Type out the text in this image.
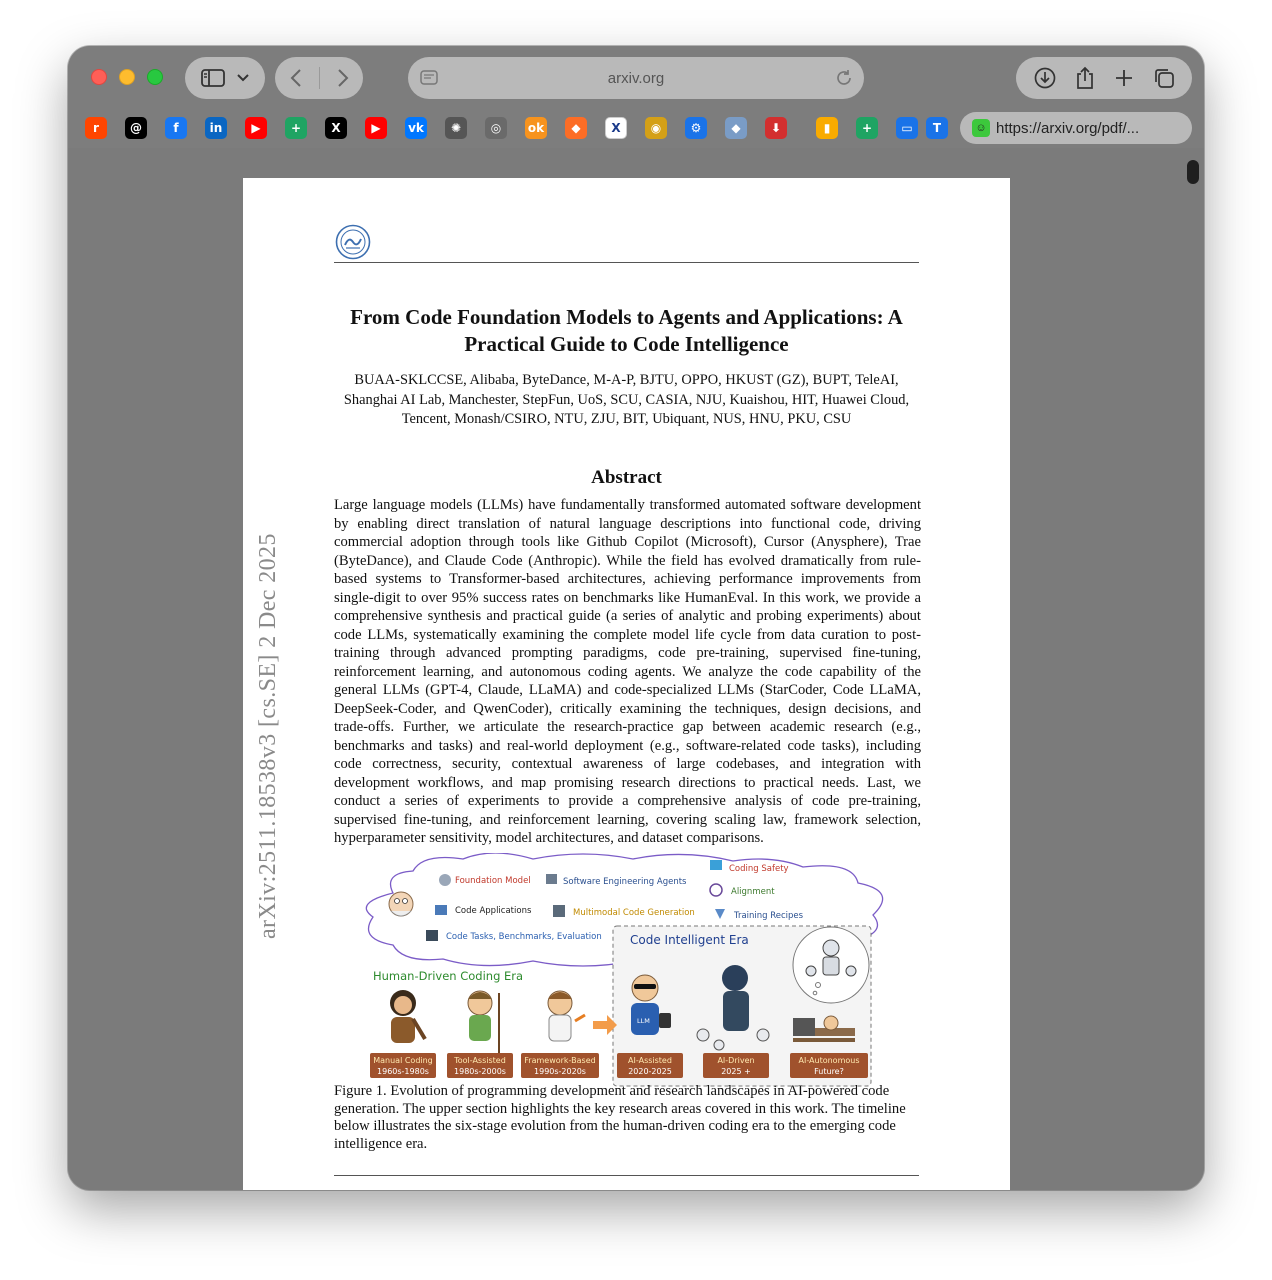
arxiv.org
☺ https://arxiv.org/pdf/...
r	@	f	in	▶	+	X	▶	vk	✺	◎	ok	◆	X	◉	⚙	◆	⬇	▮	+	▭	T
From Code Foundation Models to Agents and Applications: A Practical Guide to Code Intelligence
BUAA-SKLCCSE, Alibaba, ByteDance, M-A-P, BJTU, OPPO, HKUST (GZ), BUPT, TeleAI, Shanghai AI Lab, Manchester, StepFun, UoS, SCU, CASIA, NJU, Kuaishou, HIT, Huawei Cloud, Tencent, Monash/CSIRO, NTU, ZJU, BIT, Ubiquant, NUS, HNU, PKU, CSU
Abstract
Large language models (LLMs) have fundamentally transformed automated software development by enabling direct translation of natural language descriptions into functional code, driving commercial adoption through tools like Github Copilot (Microsoft), Cursor (Anysphere), Trae (ByteDance), and Claude Code (Anthropic). While the field has evolved dramatically from rule-based systems to Transformer-based architectures, achieving performance improvements from single-digit to over 95% success rates on benchmarks like HumanEval. In this work, we provide a comprehensive synthesis and practical guide (a series of analytic and probing experiments) about code LLMs, systematically examining the complete model life cycle from data curation to post-training through advanced prompting paradigms, code pre-training, supervised fine-tuning, reinforcement learning, and autonomous coding agents. We analyze the code capability of the general LLMs (GPT-4, Claude, LLaMA) and code-specialized LLMs (StarCoder, Code LLaMA, DeepSeek-Coder, and QwenCoder), critically examining the techniques, design decisions, and trade-offs. Further, we articulate the research-practice gap between academic research (e.g., benchmarks and tasks) and real-world deployment (e.g., software-related code tasks), including code correctness, security, contextual awareness of large codebases, and integration with development workflows, and map promising research directions to practical needs. Last, we conduct a series of experiments to provide a comprehensive analysis of code pre-training, supervised fine-tuning, and reinforcement learning, covering scaling law, framework selection, hyperparameter sensitivity, model architectures, and dataset comparisons.
arXiv:2511.18538v3 [cs.SE] 2 Dec 2025	Foundation Model	Software Engineering Agents
Coding Safety
Alignment
Code Applications	Multimodal Code Generation	Training Recipes
Code Tasks, Benchmarks, Evaluation Code Intelligent Era
Human-Driven Coding Era
LLM
Manual Coding
1960s-1980s
Tool-Assisted
1980s-2000s
Framework-Based
1990s-2020s
AI-Assisted
2020-2025
AI-Driven
2025 +
AI-Autonomous
Future?
Figure 1. Evolution of programming development and research landscapes in AI-powered code generation. The upper section highlights the key research areas covered in this work. The timeline below illustrates the six-stage evolution from the human-driven coding era to the emerging code intelligence era.
